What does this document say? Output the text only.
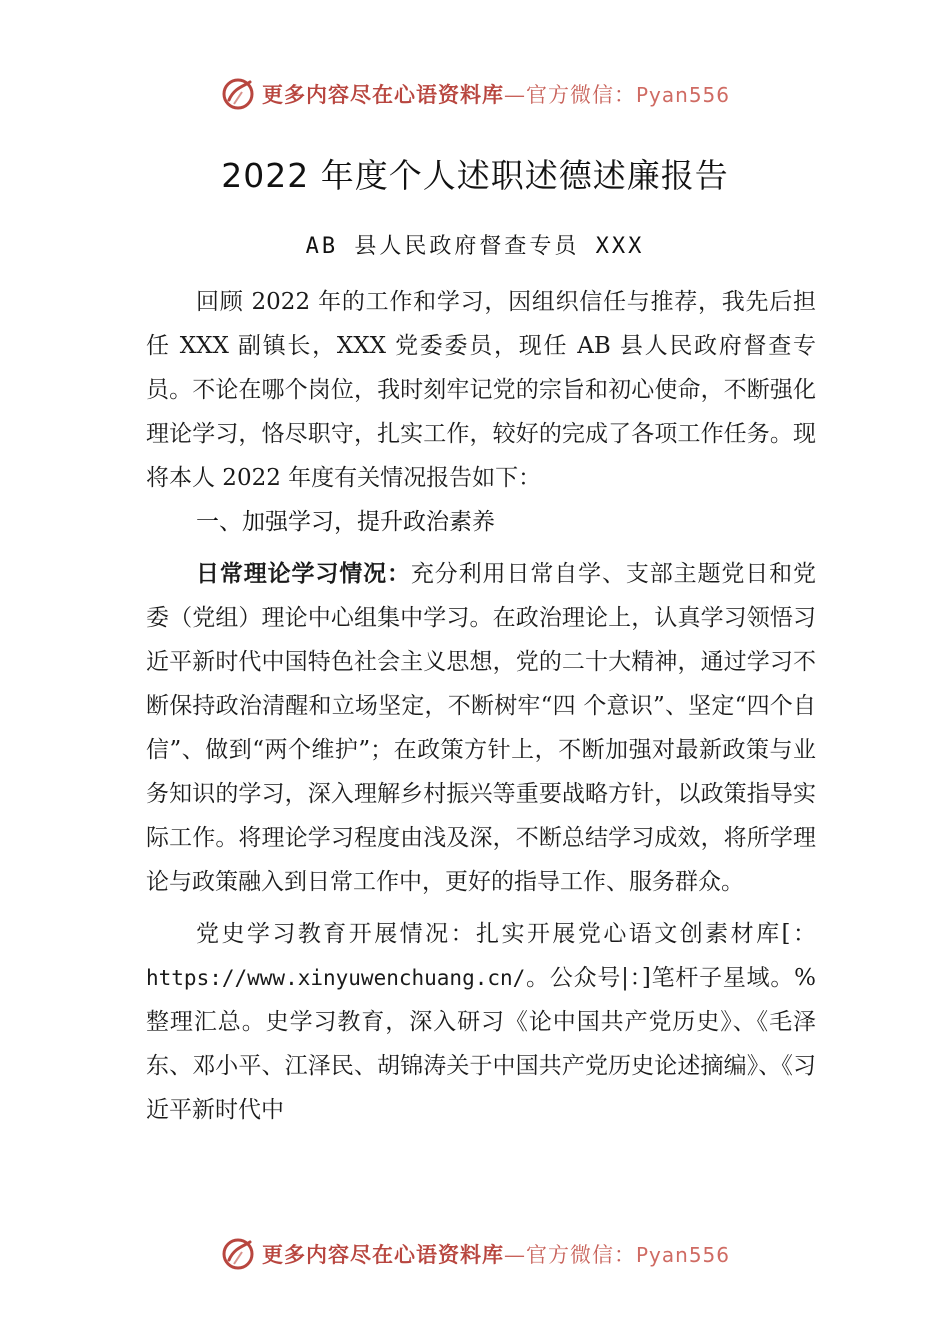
更多内容尽在心语资料库—官方微信：Pyan556
2022 年度个人述职述德述廉报告
AB 县人民政府督查专员 XXX

回顾 2022 年的工作和学习，因组织信任与推荐，我先后担任 XXX 副镇长，XXX 党委委员，现任 AB 县人民政府督查专员。不论在哪个岗位，我时刻牢记党的宗旨和初心使命，不断强化理论学习，恪尽职守，扎实工作，较好的完成了各项工作任务。现将本人 2022 年度有关情况报告如下：

一、加强学习，提升政治素养

日常理论学习情况：充分利用日常自学、支部主题党日和党委（党组）理论中心组集中学习。在政治理论上，认真学习领悟习近平新时代中国特色社会主义思想，党的二十大精神，通过学习不断保持政治清醒和立场坚定，不断树牢“四 个意识”、坚定“四个自信”、做到“两个维护”；在政策方针上，不断加强对最新政策与业务知识的学习，深入理解乡村振兴等重要战略方针，以政策指导实际工作。将理论学习程度由浅及深，不断总结学习成效，将所学理论与政策融入到日常工作中，更好的指导工作、服务群众。

党史学习教育开展情况：扎实开展党心语文创素材库[：https://www.xinyuwenchuang.cn/。公众号|：]笔杆子星域。%整理汇总。史学习教育，深入研习《论中国共产党历史》、《毛泽东、邓小平、江泽民、胡锦涛关于中国共产党历史论述摘编》、《习近平新时代中

更多内容尽在心语资料库—官方微信：Pyan556
